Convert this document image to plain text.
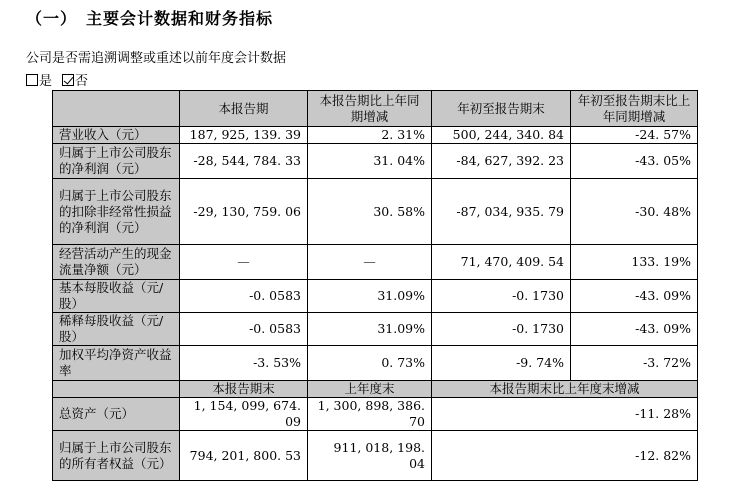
（一）　主要会计数据和财务指标
公司是否需追溯调整或重述以前年度会计数据
是 否
	本报告期	本报告期比上年同期增减	年初至报告期末	年初至报告期末比上年同期增减
营业收入（元）	187, 925, 139. 39	2. 31%	500, 244, 340. 84	-24. 57%
归属于上市公司股东的净利润（元）	-28, 544, 784. 33	31. 04%	-84, 627, 392. 23	-43. 05%
归属于上市公司股东的扣除非经常性损益的净利润（元）	-29, 130, 759. 06	30. 58%	-87, 034, 935. 79	-30. 48%
经营活动产生的现金流量净额（元）	—	—	71, 470, 409. 54	133. 19%
基本每股收益（元/股）	-0. 0583	31.09%	-0. 1730	-43. 09%
稀释每股收益（元/股）	-0. 0583	31.09%	-0. 1730	-43. 09%
加权平均净资产收益率	-3. 53%	0. 73%	-9. 74%	-3. 72%
	本报告期末	上年度末	本报告期末比上年度末增减	
总资产（元）	1, 154, 099, 674. 09	1, 300, 898, 386. 70	-11. 28%	
归属于上市公司股东的所有者权益（元）	794, 201, 800. 53	911, 018, 198. 04	-12. 82%	
